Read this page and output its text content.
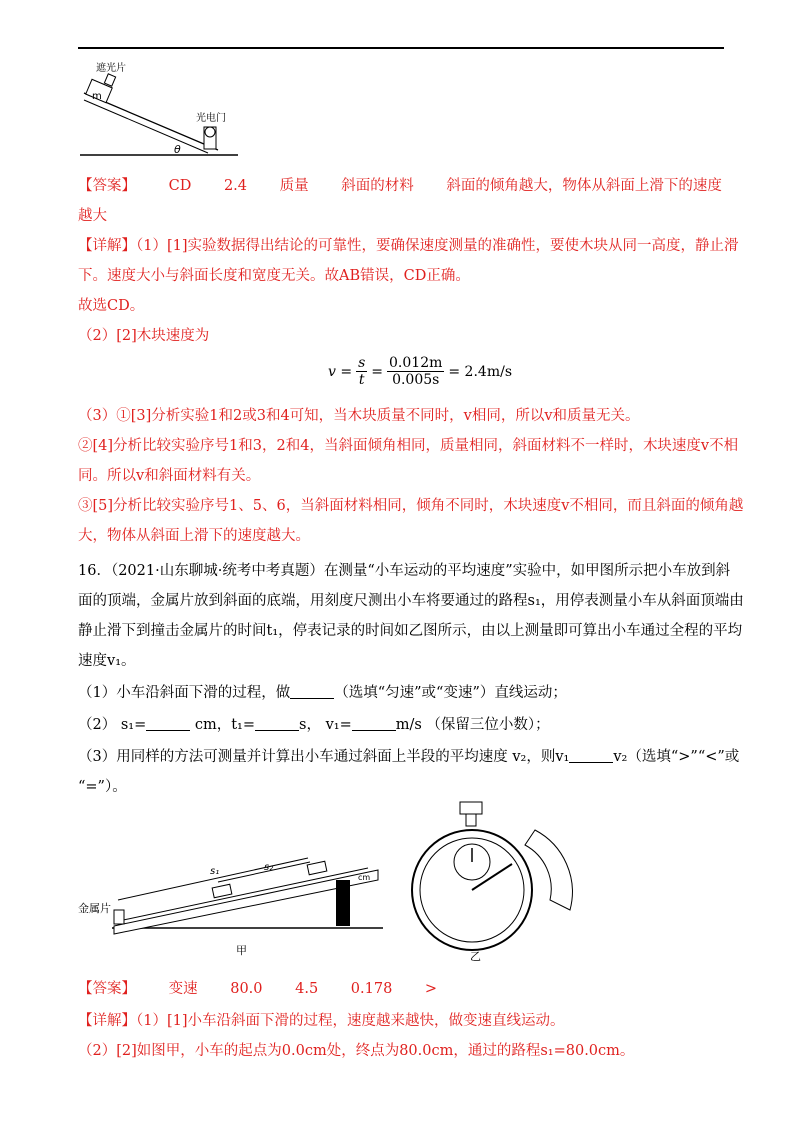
m
遮光片
光电门
θ
【答案】 CD 2.4 质量 斜面的材料 斜面的倾角越大，物体从斜面上滑下的速度
越大
【详解】（1）[1]实验数据得出结论的可靠性，要确保速度测量的准确性，要使木块从同一高度，静止滑
下。速度大小与斜面长度和宽度无关。故AB错误，CD正确。
故选CD。
（2）[2]木块速度为
$v = \frac{s}{t} = \frac{0.012m}{0.005s} = 2.4m/s$
（3）①[3]分析实验1和2或3和4可知，当木块质量不同时，v相同，所以v和质量无关。
②[4]分析比较实验序号1和3，2和4，当斜面倾角相同，质量相同，斜面材料不一样时，木块速度v不相
同。所以v和斜面材料有关。
③[5]分析比较实验序号1、5、6，当斜面材料相同，倾角不同时，木块速度v不相同，而且斜面的倾角越
大，物体从斜面上滑下的速度越大。
16．（2021·山东聊城·统考中考真题）在测量“小车运动的平均速度”实验中，如甲图所示把小车放到斜
面的顶端，金属片放到斜面的底端，用刻度尺测出小车将要通过的路程s₁，用停表测量小车从斜面顶端由
静止滑下到撞击金属片的时间t₁，停表记录的时间如乙图所示，由以上测量即可算出小车通过全程的平均
速度v₁。
（1）小车沿斜面下滑的过程，做	（选填“匀速”或“变速”）直线运动；
（2） s₁=	cm，t₁=	s， v₁=	m/s （保留三位小数）；
（3）用同样的方法可测量并计算出小车通过斜面上半段的平均速度 v₂，则v₁	v₂（选填“>”“<”或
“=”）。
s₁	s₂
cm
金属片
甲	乙
【答案】 变速 80.0 4.5 0.178 >
【详解】（1）[1]小车沿斜面下滑的过程，速度越来越快，做变速直线运动。
（2）[2]如图甲，小车的起点为0.0cm处，终点为80.0cm，通过的路程s₁=80.0cm。
